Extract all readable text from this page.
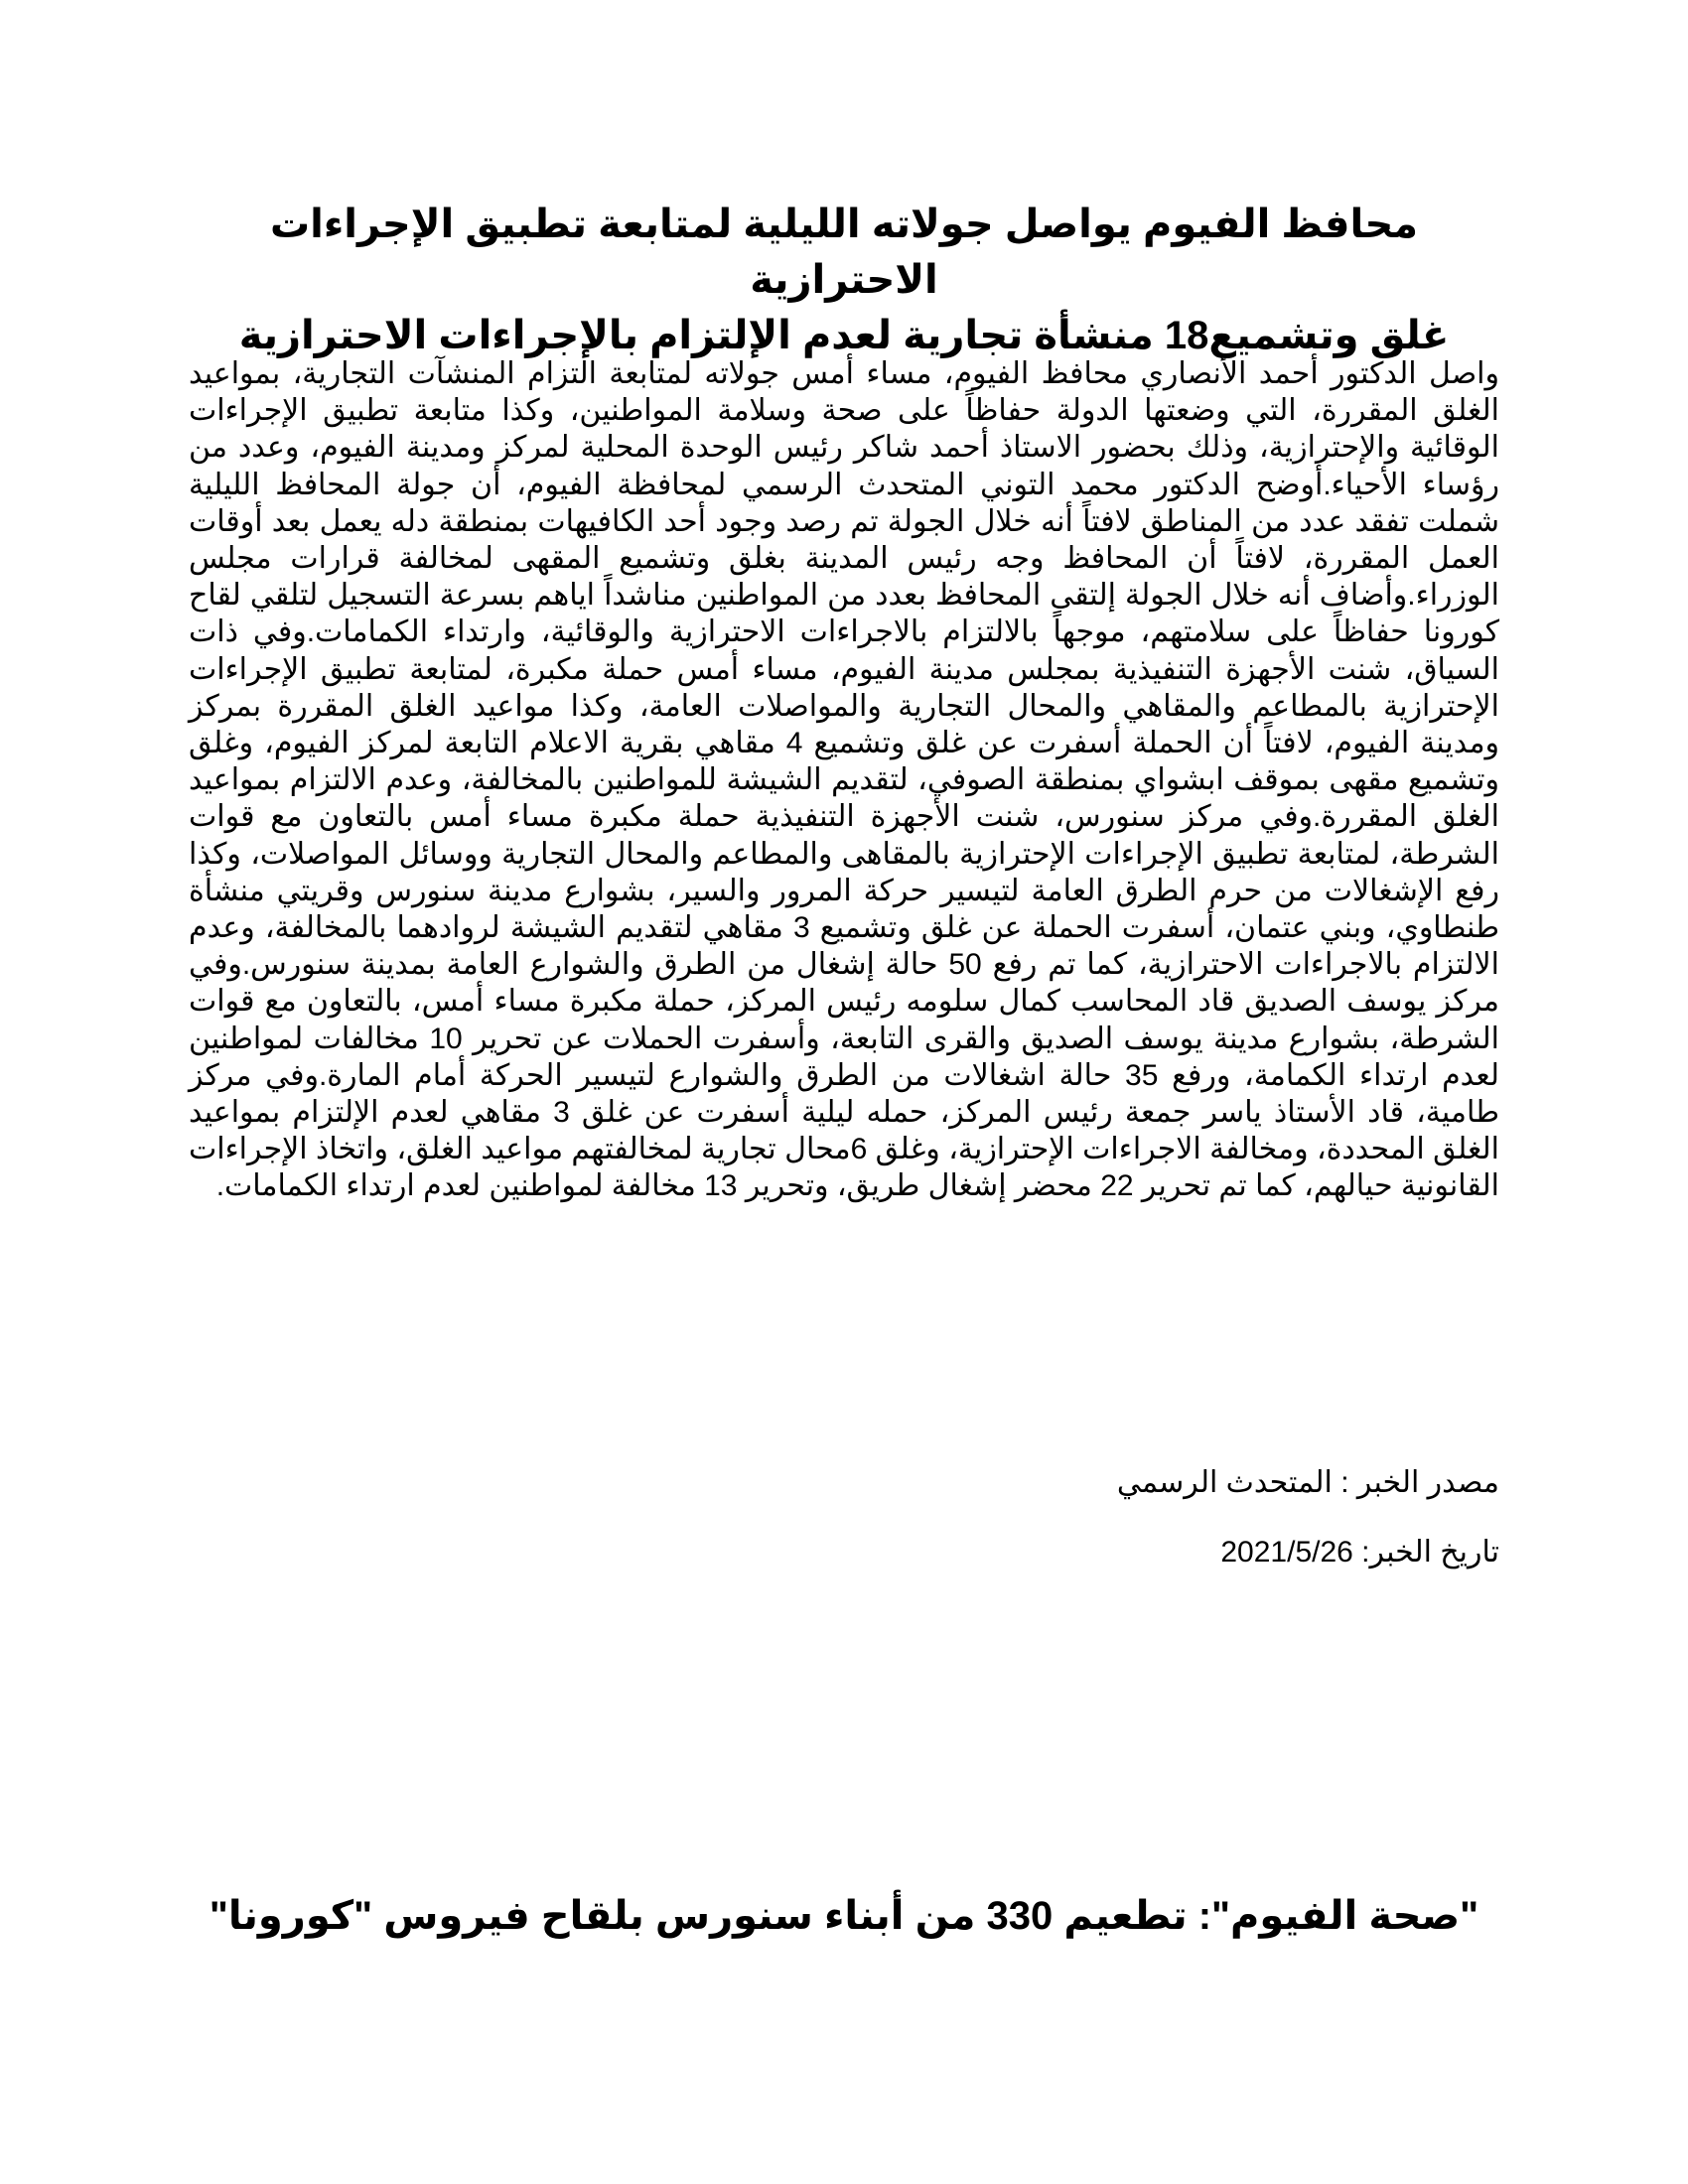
محافظ الفيوم يواصل جولاته الليلية لمتابعة تطبيق الإجراءات الاحترازية
غلق وتشميع18 منشأة تجارية لعدم الإلتزام بالإجراءات الاحترازية

واصل الدكتور أحمد الأنصاري محافظ الفيوم، مساء أمس جولاته لمتابعة التزام المنشآت التجارية، بمواعيد الغلق المقررة، التي وضعتها الدولة حفاظاً على صحة وسلامة المواطنين، وكذا متابعة تطبيق الإجراءات الوقائية والإحترازية، وذلك بحضور الاستاذ أحمد شاكر رئيس الوحدة المحلية لمركز ومدينة الفيوم، وعدد من رؤساء الأحياء.أوضح الدكتور محمد التوني المتحدث الرسمي لمحافظة الفيوم، أن جولة المحافظ الليلية شملت تفقد عدد من المناطق لافتاً أنه خلال الجولة تم رصد وجود أحد الكافيهات بمنطقة دله يعمل بعد أوقات العمل المقررة، لافتاً أن المحافظ وجه رئيس المدينة بغلق وتشميع المقهى لمخالفة قرارات مجلس الوزراء.وأضاف أنه خلال الجولة إلتقى المحافظ بعدد من المواطنين مناشداً اياهم بسرعة التسجيل لتلقي لقاح كورونا حفاظاً على سلامتهم، موجهاً بالالتزام بالاجراءات الاحترازية والوقائية، وارتداء الكمامات.وفي ذات السياق، شنت الأجهزة التنفيذية بمجلس مدينة الفيوم، مساء أمس حملة مكبرة، لمتابعة تطبيق الإجراءات الإحترازية بالمطاعم والمقاهي والمحال التجارية والمواصلات العامة، وكذا مواعيد الغلق المقررة بمركز ومدينة الفيوم، لافتاً أن الحملة أسفرت عن غلق وتشميع 4 مقاهي بقرية الاعلام التابعة لمركز الفيوم، وغلق وتشميع مقهى بموقف ابشواي بمنطقة الصوفي، لتقديم الشيشة للمواطنين بالمخالفة، وعدم الالتزام بمواعيد الغلق المقررة.وفي مركز سنورس، شنت الأجهزة التنفيذية حملة مكبرة مساء أمس بالتعاون مع قوات الشرطة، لمتابعة تطبيق الإجراءات الإحترازية بالمقاهى والمطاعم والمحال التجارية ووسائل المواصلات، وكذا رفع الإشغالات من حرم الطرق العامة لتيسير حركة المرور والسير، بشوارع مدينة سنورس وقريتي منشأة طنطاوي، وبني عتمان، أسفرت الحملة عن غلق وتشميع 3 مقاهي لتقديم الشيشة لروادهما بالمخالفة، وعدم الالتزام بالاجراءات الاحترازية، كما تم رفع 50 حالة إشغال من الطرق والشوارع العامة بمدينة سنورس.وفي مركز يوسف الصديق قاد المحاسب كمال سلومه رئيس المركز، حملة مكبرة مساء أمس، بالتعاون مع قوات الشرطة، بشوارع مدينة يوسف الصديق والقرى التابعة، وأسفرت الحملات عن تحرير 10 مخالفات لمواطنين لعدم ارتداء الكمامة، ورفع 35 حالة اشغالات من الطرق والشوارع لتيسير الحركة أمام المارة.وفي مركز طامية، قاد الأستاذ ياسر جمعة رئيس المركز، حمله ليلية أسفرت عن غلق 3 مقاهي لعدم الإلتزام بمواعيد الغلق المحددة، ومخالفة الاجراءات الإحترازية، وغلق 6محال تجارية لمخالفتهم مواعيد الغلق، واتخاذ الإجراءات القانونية حيالهم، كما تم تحرير 22 محضر إشغال طريق، وتحرير 13 مخالفة لمواطنين لعدم ارتداء الكمامات.

مصدر الخبر : المتحدث الرسمي

تاريخ الخبر: 2021/5/26

"صحة الفيوم": تطعيم 330 من أبناء سنورس بلقاح فيروس "كورونا"
